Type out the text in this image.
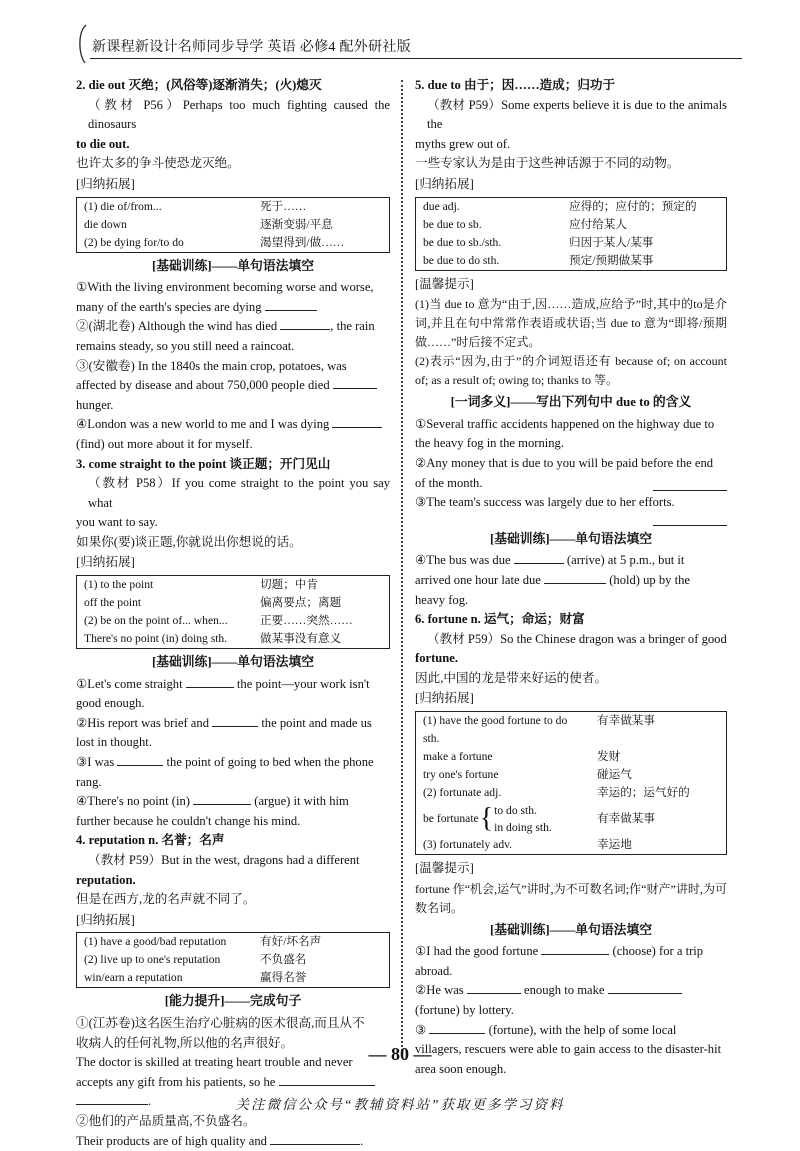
新课程新设计名师同步导学 英语 必修4 配外研社版

2. die out 灭绝；(风俗等)逐渐消失；(火)熄灭

（教材 P56）Perhaps too much fighting caused the dinosaurs

to die out.

也许太多的争斗使恐龙灭绝。

[归纳拓展]

(1) die of/from...	死于……
die down	逐渐变弱/平息
(2) be dying for/to do	渴望得到/做……

[基础训练]——单句语法填空

①With the living environment becoming worse and worse,

many of the earth's species are dying

②(湖北卷) Although the wind has died	, the rain

remains steady, so you still need a raincoat.

③(安徽卷) In the 1840s the main crop, potatoes, was

affected by disease and about 750,000 people died

hunger.

④London was a new world to me and I was dying

(find) out more about it for myself.

3. come straight to the point 谈正题；开门见山

（教材 P58）If you come straight to the point you say what

you want to say.

如果你(要)谈正题,你就说出你想说的话。

[归纳拓展]

(1) to the point	切题；中肯
off the point	偏离要点；离题
(2) be on the point of... when...	正要……突然……
There's no point (in) doing sth.	做某事没有意义

[基础训练]——单句语法填空

①Let's come straight	the point—your work isn't

good enough.

②His report was brief and	the point and made us

lost in thought.

③I was	the point of going to bed when the phone

rang.

④There's no point (in)	(argue) it with him

further because he couldn't change his mind.

4. reputation n. 名誉；名声

（教材 P59）But in the west, dragons had a different

reputation.

但是在西方,龙的名声就不同了。

[归纳拓展]

(1) have a good/bad reputation	有好/坏名声
(2) live up to one's reputation	不负盛名
win/earn a reputation	赢得名誉

[能力提升]——完成句子

①(江苏卷)这名医生治疗心脏病的医术很高,而且从不

收病人的任何礼物,所以他的名声很好。

The doctor is skilled at treating heart trouble and never

accepts any gift from his patients, so he

.

②他们的产品质量高,不负盛名。

Their products are of high quality and	.

5. due to 由于；因……造成；归功于

（教材 P59）Some experts believe it is due to the animals the

myths grew out of.

一些专家认为是由于这些神话源于不同的动物。

[归纳拓展]

due adj.	应得的；应付的；预定的
be due to sb.	应付给某人
be due to sb./sth.	归因于某人/某事
be due to do sth.	预定/预期做某事

[温馨提示]

(1)当 due to 意为“由于,因……造成,应给予”时,其中的to是介词,并且在句中常常作表语或状语;当 due to 意为“即将/预期做……”时后接不定式。

(2)表示“因为,由于”的介词短语还有 because of; on account of; as a result of; owing to; thanks to 等。

[一词多义]——写出下列句中 due to 的含义

①Several traffic accidents happened on the highway due to

the heavy fog in the morning.

②Any money that is due to you will be paid before the end

of the month.

③The team's success was largely due to her efforts.

[基础训练]——单句语法填空

④The bus was due	(arrive) at 5 p.m., but it

arrived one hour late due	(hold) up by the

heavy fog.

6. fortune n. 运气；命运；财富

（教材 P59）So the Chinese dragon was a bringer of good

fortune.

因此,中国的龙是带来好运的使者。

[归纳拓展]

(1) have the good fortune to do sth.	有幸做某事
make a fortune	发财
try one's fortune	碰运气
(2) fortunate adj.	幸运的；运气好的
be fortunate{to do sth.
in doing sth.	有幸做某事
(3) fortunately adv.	幸运地

[温馨提示]

fortune 作“机会,运气”讲时,为不可数名词;作“财产”讲时,为可数名词。

[基础训练]——单句语法填空

①I had the good fortune	(choose) for a trip

abroad.

②He was	enough to make

(fortune) by lottery.

③	(fortune), with the help of some local

villagers, rescuers were able to gain access to the disaster-hit

area soon enough.

— 80 —
关注微信公众号“教辅资料站”获取更多学习资料
